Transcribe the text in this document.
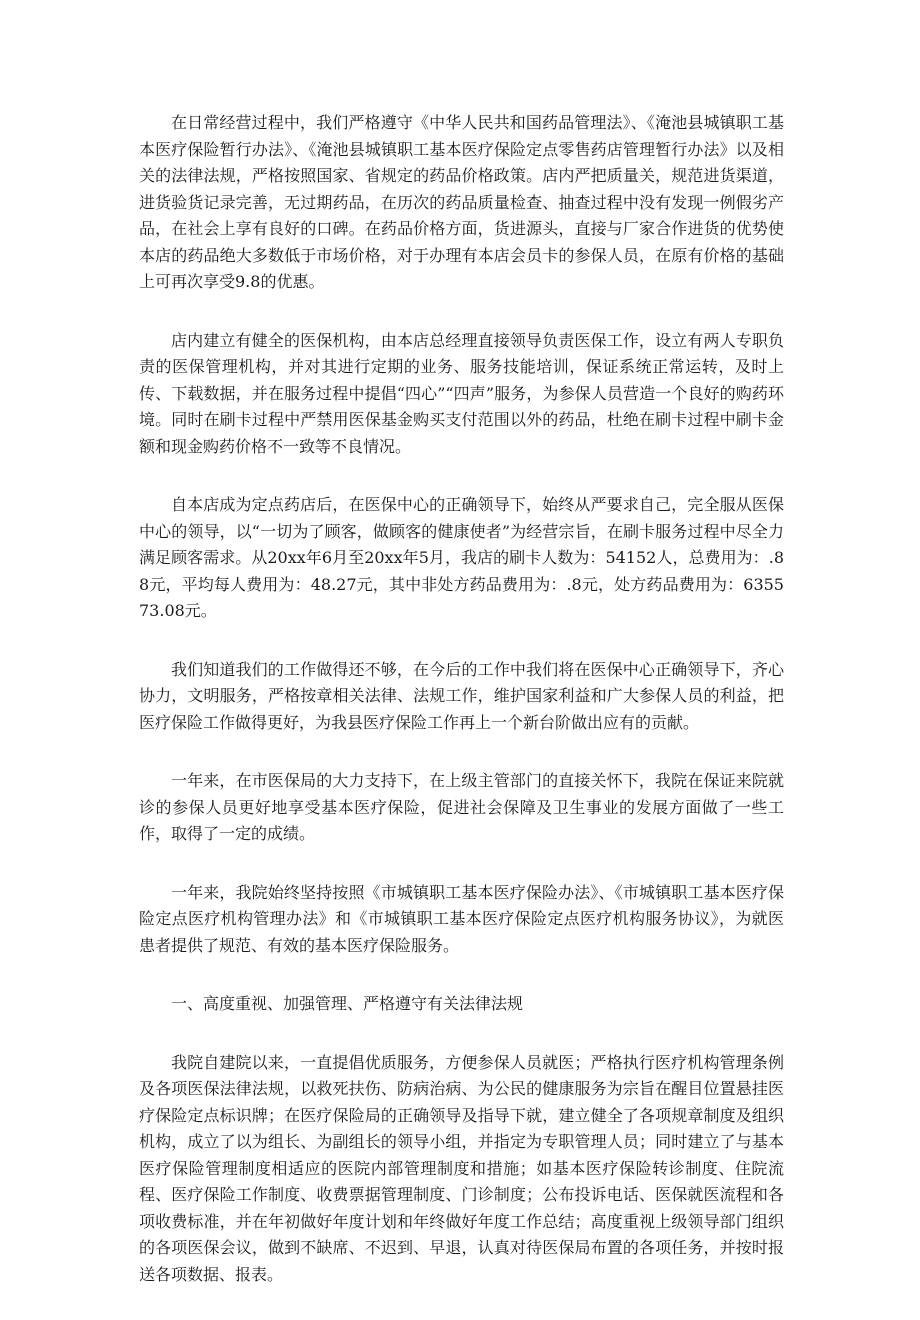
在日常经营过程中，我们严格遵守《中华人民共和国药品管理法》、《淹池县城镇职工基本医疗保险暂行办法》、《淹池县城镇职工基本医疗保险定点零售药店管理暂行办法》以及相关的法律法规，严格按照国家、省规定的药品价格政策。店内严把质量关，规范进货渠道，进货验货记录完善，无过期药品，在历次的药品质量检查、抽查过程中没有发现一例假劣产品，在社会上享有良好的口碑。在药品价格方面，货进源头，直接与厂家合作进货的优势使本店的药品绝大多数低于市场价格，对于办理有本店会员卡的参保人员，在原有价格的基础上可再次享受9.8的优惠。

店内建立有健全的医保机构，由本店总经理直接领导负责医保工作，设立有两人专职负责的医保管理机构，并对其进行定期的业务、服务技能培训，保证系统正常运转，及时上传、下载数据，并在服务过程中提倡“四心”“四声”服务，为参保人员营造一个良好的购药环境。同时在刷卡过程中严禁用医保基金购买支付范围以外的药品，杜绝在刷卡过程中刷卡金额和现金购药价格不一致等不良情况。

自本店成为定点药店后，在医保中心的正确领导下，始终从严要求自己，完全服从医保中心的领导，以“一切为了顾客，做顾客的健康使者”为经营宗旨，在刷卡服务过程中尽全力满足顾客需求。从20xx年6月至20xx年5月，我店的刷卡人数为：54152人，总费用为：.88元，平均每人费用为：48.27元，其中非处方药品费用为：.8元，处方药品费用为：635573.08元。

我们知道我们的工作做得还不够，在今后的工作中我们将在医保中心正确领导下，齐心协力，文明服务，严格按章相关法律、法规工作，维护国家利益和广大参保人员的利益，把医疗保险工作做得更好，为我县医疗保险工作再上一个新台阶做出应有的贡献。

一年来，在市医保局的大力支持下，在上级主管部门的直接关怀下，我院在保证来院就诊的参保人员更好地享受基本医疗保险，促进社会保障及卫生事业的发展方面做了一些工作，取得了一定的成绩。

一年来，我院始终坚持按照《市城镇职工基本医疗保险办法》、《市城镇职工基本医疗保险定点医疗机构管理办法》和《市城镇职工基本医疗保险定点医疗机构服务协议》，为就医患者提供了规范、有效的基本医疗保险服务。

一、高度重视、加强管理、严格遵守有关法律法规

我院自建院以来，一直提倡优质服务，方便参保人员就医；严格执行医疗机构管理条例及各项医保法律法规，以救死扶伤、防病治病、为公民的健康服务为宗旨在醒目位置悬挂医疗保险定点标识牌；在医疗保险局的正确领导及指导下就，建立健全了各项规章制度及组织机构，成立了以为组长、为副组长的领导小组，并指定为专职管理人员；同时建立了与基本医疗保险管理制度相适应的医院内部管理制度和措施；如基本医疗保险转诊制度、住院流程、医疗保险工作制度、收费票据管理制度、门诊制度；公布投诉电话、医保就医流程和各项收费标准，并在年初做好年度计划和年终做好年度工作总结；高度重视上级领导部门组织的各项医保会议，做到不缺席、不迟到、早退，认真对待医保局布置的各项任务，并按时报送各项数据、报表。
